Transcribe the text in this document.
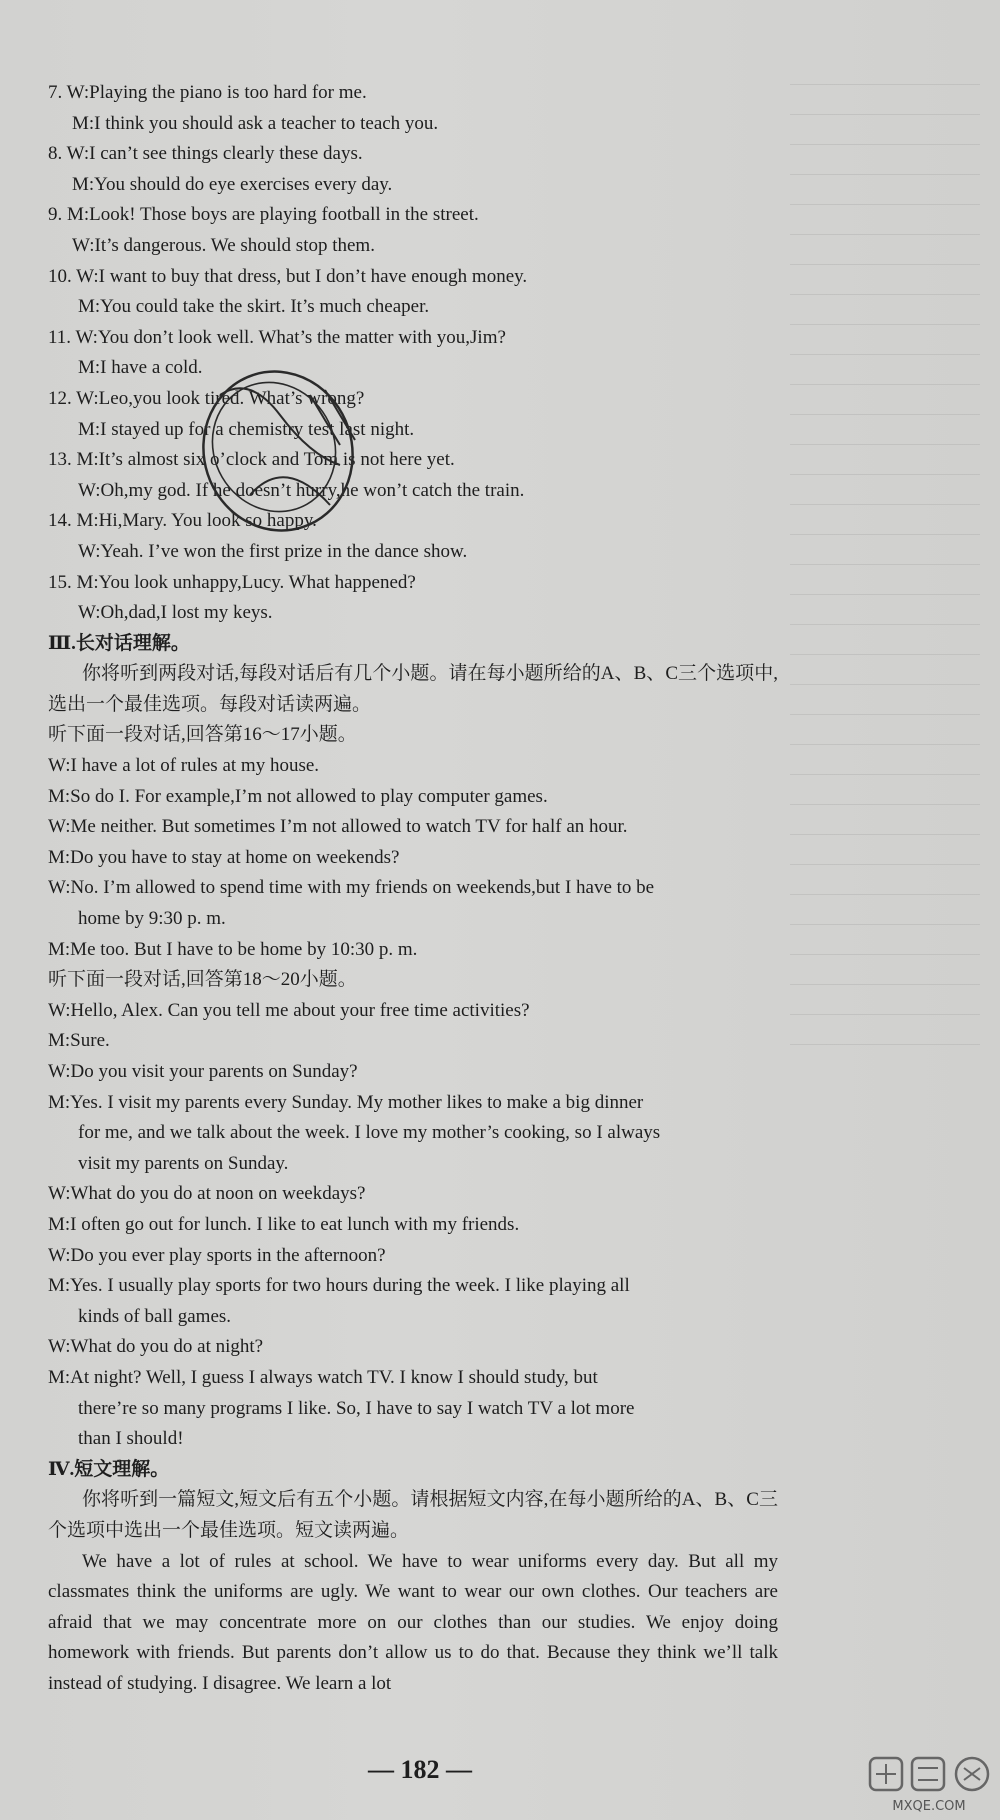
7. W:Playing the piano is too hard for me.
M:I think you should ask a teacher to teach you.
8. W:I can’t see things clearly these days.
M:You should do eye exercises every day.
9. M:Look! Those boys are playing football in the street.
W:It’s dangerous. We should stop them.
10. W:I want to buy that dress, but I don’t have enough money.
M:You could take the skirt. It’s much cheaper.
11. W:You don’t look well. What’s the matter with you,Jim?
M:I have a cold.
12. W:Leo,you look tired. What’s wrong?
M:I stayed up for a chemistry test last night.
13. M:It’s almost six o’clock and Tom is not here yet.
W:Oh,my god. If he doesn’t hurry,he won’t catch the train.
14. M:Hi,Mary. You look so happy.
W:Yeah. I’ve won the first prize in the dance show.
15. M:You look unhappy,Lucy. What happened?
W:Oh,dad,I lost my keys.
Ⅲ.长对话理解。
你将听到两段对话,每段对话后有几个小题。请在每小题所给的A、B、C三个选项中,选出一个最佳选项。每段对话读两遍。
听下面一段对话,回答第16～17小题。
W:I have a lot of rules at my house.
M:So do I. For example,I’m not allowed to play computer games.
W:Me neither. But sometimes I’m not allowed to watch TV for half an hour.
M:Do you have to stay at home on weekends?
W:No. I’m allowed to spend time with my friends on weekends,but I have to be
home by 9:30 p. m.
M:Me too. But I have to be home by 10:30 p. m.
听下面一段对话,回答第18～20小题。
W:Hello, Alex. Can you tell me about your free time activities?
M:Sure.
W:Do you visit your parents on Sunday?
M:Yes. I visit my parents every Sunday. My mother likes to make a big dinner
for me, and we talk about the week. I love my mother’s cooking, so I always
visit my parents on Sunday.
W:What do you do at noon on weekdays?
M:I often go out for lunch. I like to eat lunch with my friends.
W:Do you ever play sports in the afternoon?
M:Yes. I usually play sports for two hours during the week. I like playing all
kinds of ball games.
W:What do you do at night?
M:At night? Well, I guess I always watch TV. I know I should study, but
there’re so many programs I like. So, I have to say I watch TV a lot more
than I should!
Ⅳ.短文理解。
你将听到一篇短文,短文后有五个小题。请根据短文内容,在每小题所给的A、B、C三个选项中选出一个最佳选项。短文读两遍。
We have a lot of rules at school. We have to wear uniforms every day. But all my classmates think the uniforms are ugly. We want to wear our own clothes. Our teachers are afraid that we may concentrate more on our clothes than our studies. We enjoy doing homework with friends. But parents don’t allow us to do that. Because they think we’ll talk instead of studying. I disagree. We learn a lot
— 182 —
MXQE.COM
